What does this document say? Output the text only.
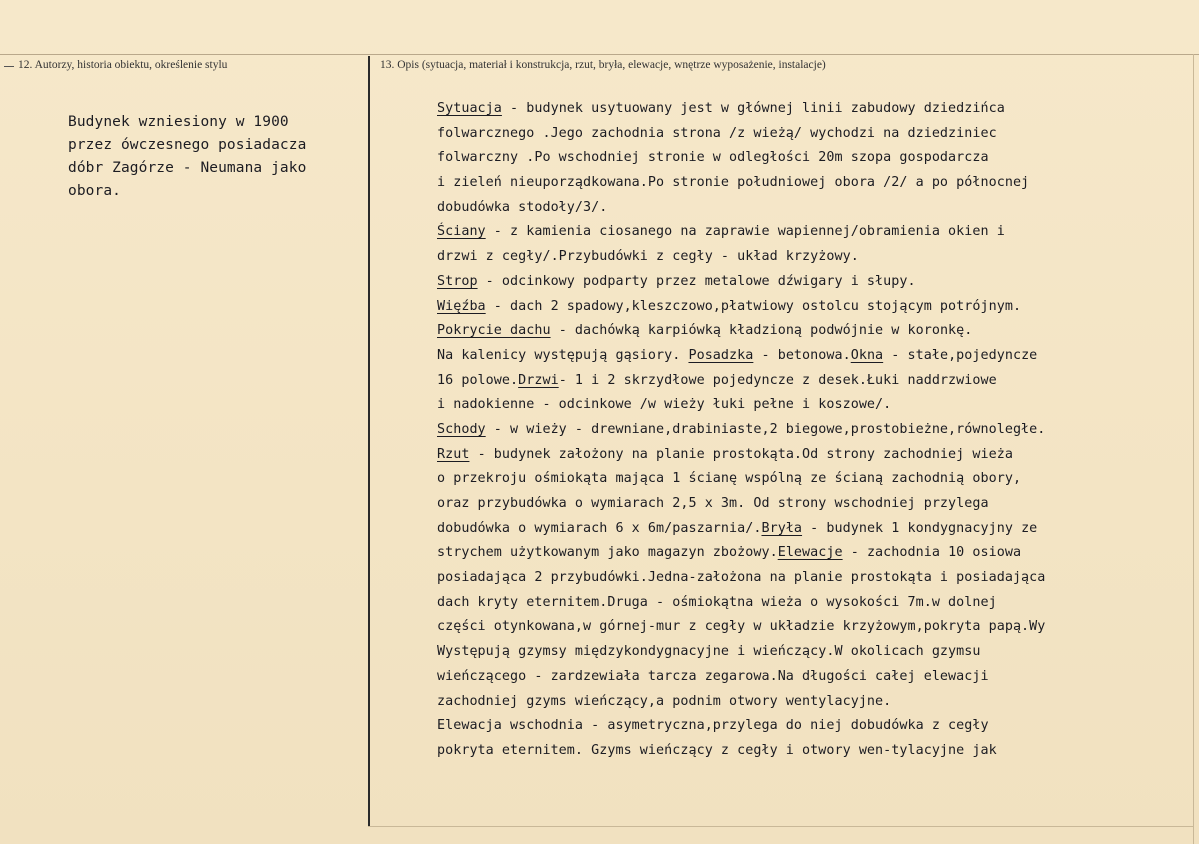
12. Autorzy, historia obiektu, określenie stylu	13. Opis (sytuacja, materiał i konstrukcja, rzut, bryła, elewacje, wnętrze wyposażenie, instalacje)
Budynek wzniesiony w 1900
przez ówczesnego posiadacza
dóbr Zagórze - Neumana jako
obora.
Sytuacja - budynek usytuowany jest w głównej linii zabudowy dziedzińca
folwarcznego .Jego zachodnia strona /z wieżą/ wychodzi na dziedziniec
folwarczny .Po wschodniej stronie w odległości 20m szopa gospodarcza
i zieleń nieuporządkowana.Po stronie południowej obora /2/ a po północnej
dobudówka stodoły/3/.
Ściany - z kamienia ciosanego na zaprawie wapiennej/obramienia okien i
drzwi z cegły/.Przybudówki z cegły - układ krzyżowy.
Strop - odcinkowy podparty przez metalowe dźwigary i słupy.
Więźba - dach 2 spadowy,kleszczowo,płatwiowy ostolcu stojącym potrójnym.
Pokrycie dachu - dachówką karpiówką kładzioną podwójnie w koronkę.
Na kalenicy występują gąsiory. Posadzka - betonowa.Okna - stałe,pojedyncze
16 polowe.Drzwi- 1 i 2 skrzydłowe pojedyncze z desek.Łuki naddrzwiowe
i nadokienne - odcinkowe /w wieży łuki pełne i koszowe/.
Schody - w wieży - drewniane,drabiniaste,2 biegowe,prostobieżne,równoległe.
Rzut - budynek założony na planie prostokąta.Od strony zachodniej wieża
o przekroju ośmiokąta mająca 1 ścianę wspólną ze ścianą zachodnią obory,
oraz przybudówka o wymiarach 2,5 x 3m. Od strony wschodniej przylega
dobudówka o wymiarach 6 x 6m/paszarnia/.Bryła - budynek 1 kondygnacyjny ze
strychem użytkowanym jako magazyn zbożowy.Elewacje - zachodnia 10 osiowa
posiadająca 2 przybudówki.Jedna-założona na planie prostokąta i posiadająca
dach kryty eternitem.Druga - ośmiokątna wieża o wysokości 7m.w dolnej
części otynkowana,w górnej-mur z cegły w układzie krzyżowym,pokryta papą.Wy
Występują gzymsy międzykondygnacyjne i wieńczący.W okolicach gzymsu
wieńczącego - zardzewiała tarcza zegarowa.Na długości całej elewacji
zachodniej gzyms wieńczący,a podnim otwory wentylacyjne.
Elewacja wschodnia - asymetryczna,przylega do niej dobudówka z cegły
pokryta eternitem. Gzyms wieńczący z cegły i otwory wen-tylacyjne jak
